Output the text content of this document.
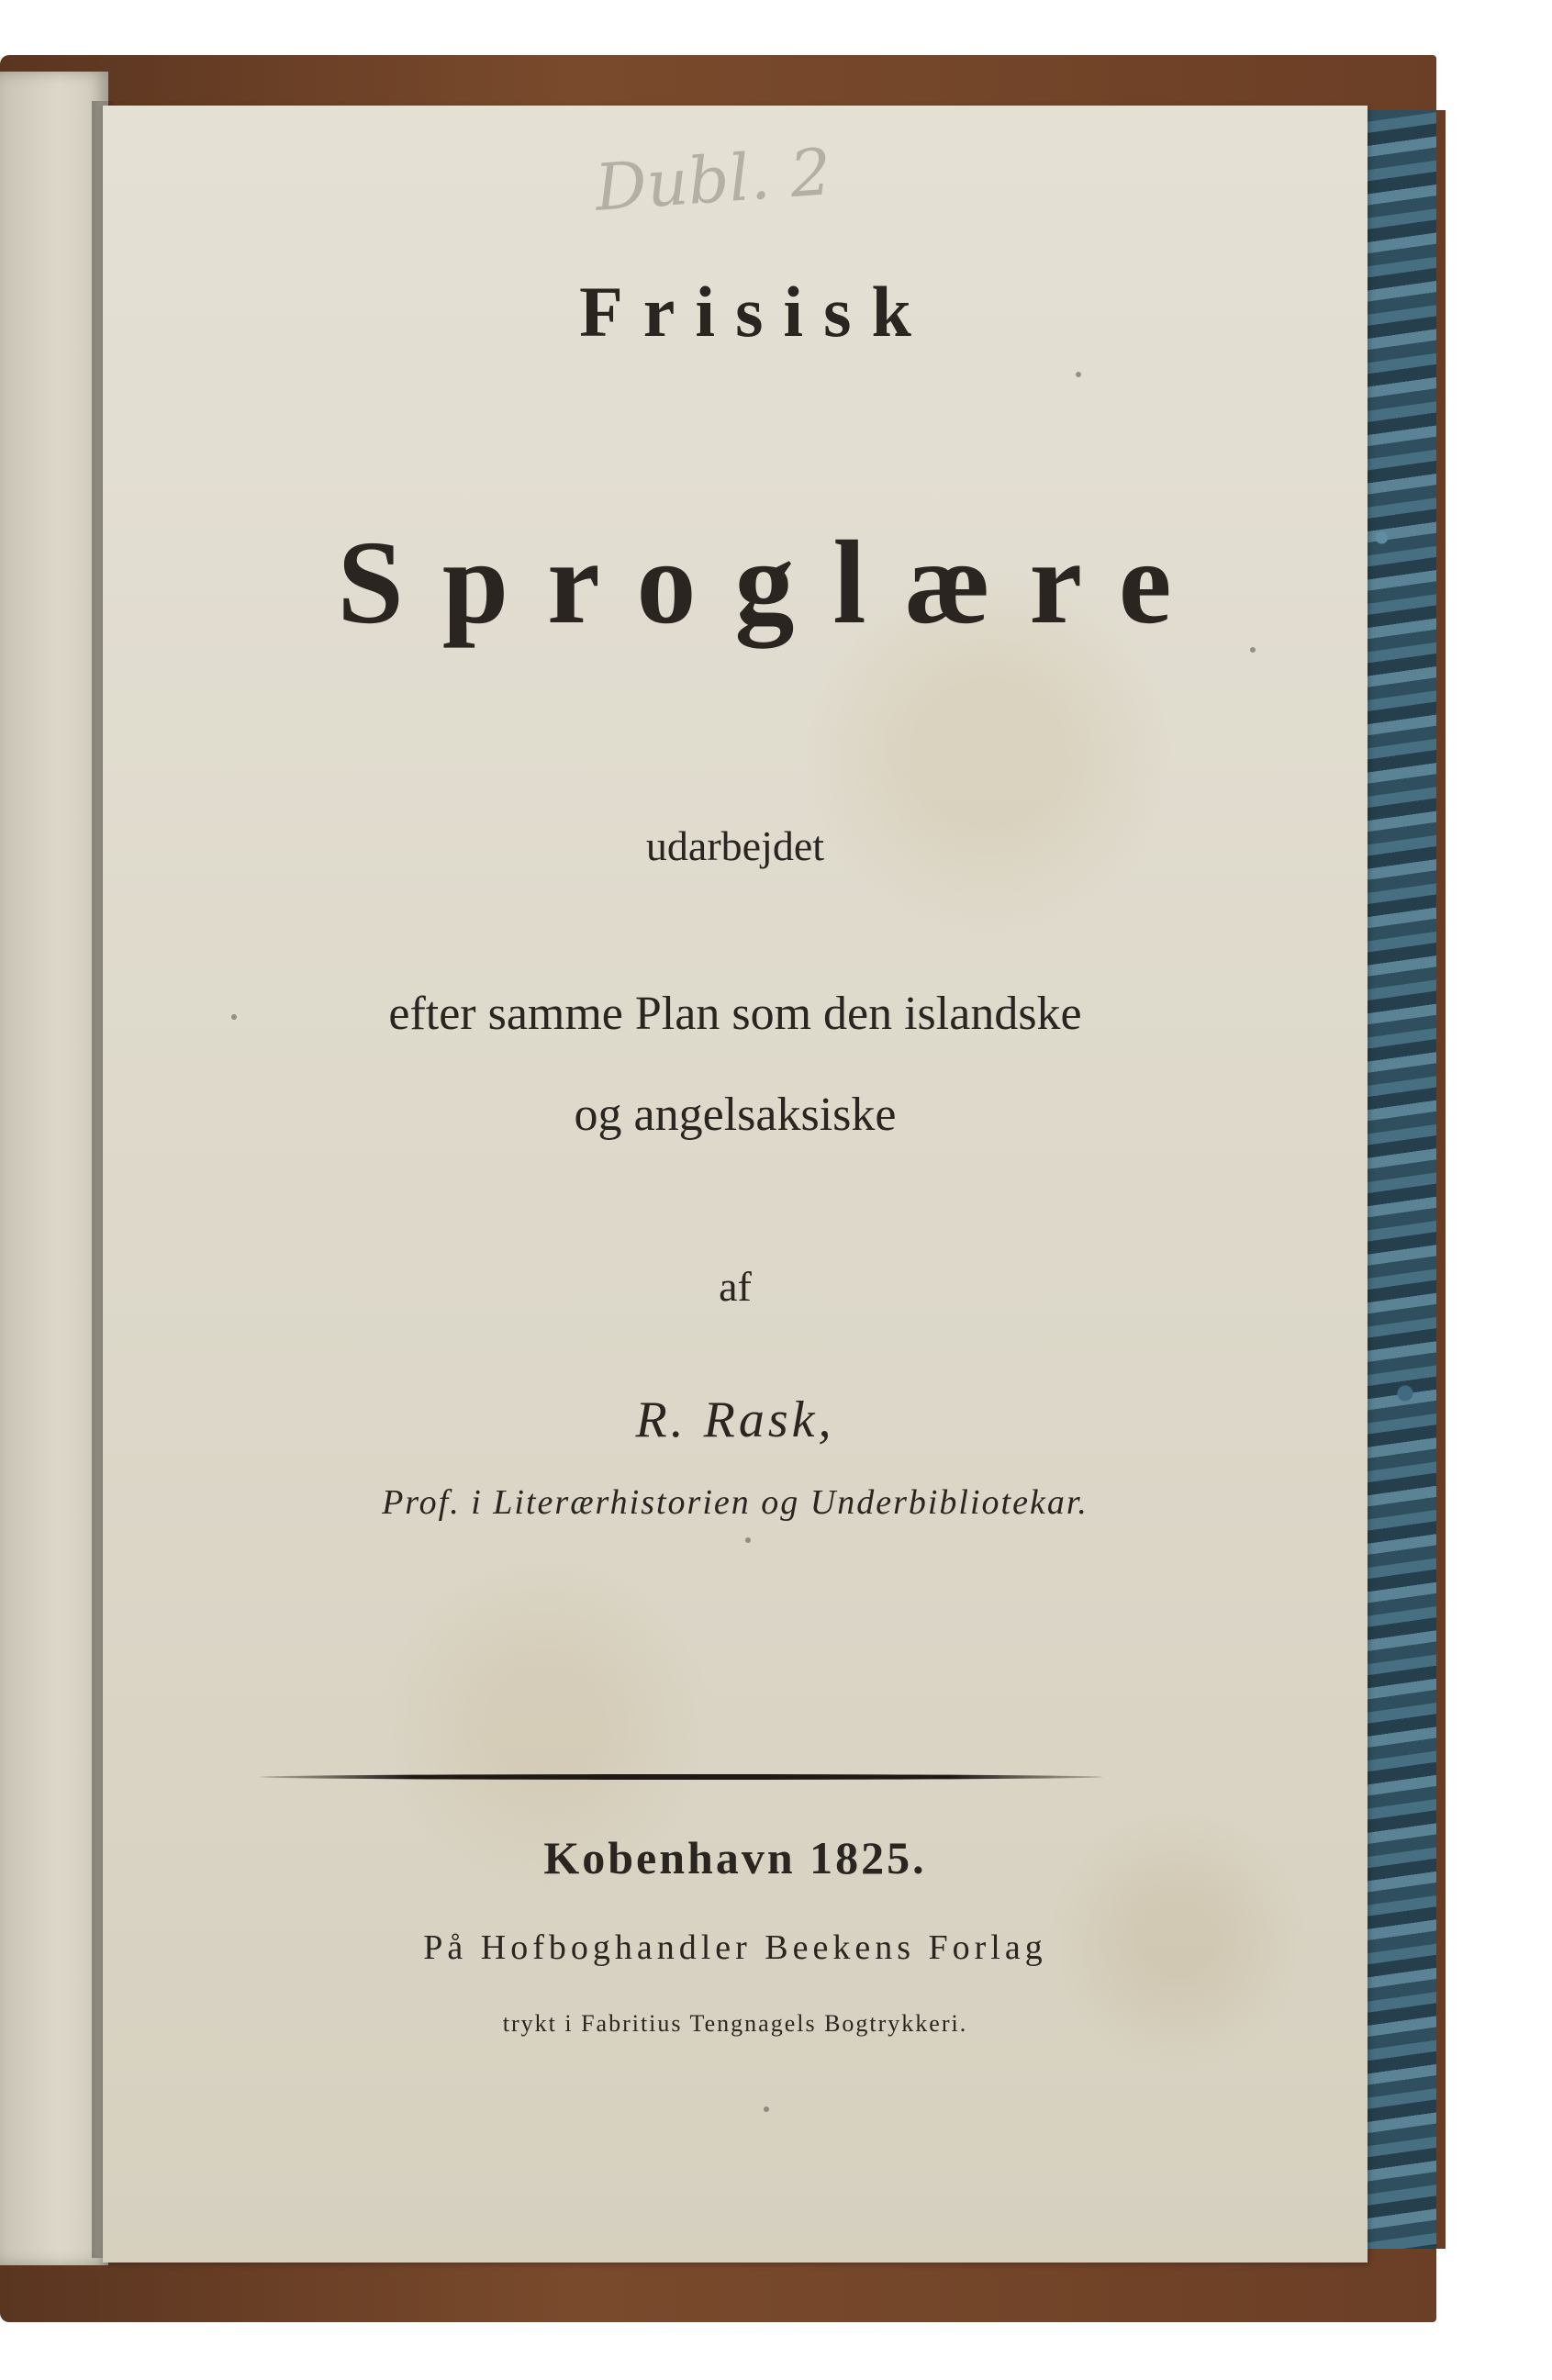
Dubl. 2
Frisisk
Sproglære
udarbejdet
efter samme Plan som den islandske
og angelsaksiske
af
R. Rask,
Prof. i Literærhistorien og Underbibliotekar.
Kobenhavn 1825.
På Hofboghandler Beekens Forlag
trykt i Fabritius Tengnagels Bogtrykkeri.
